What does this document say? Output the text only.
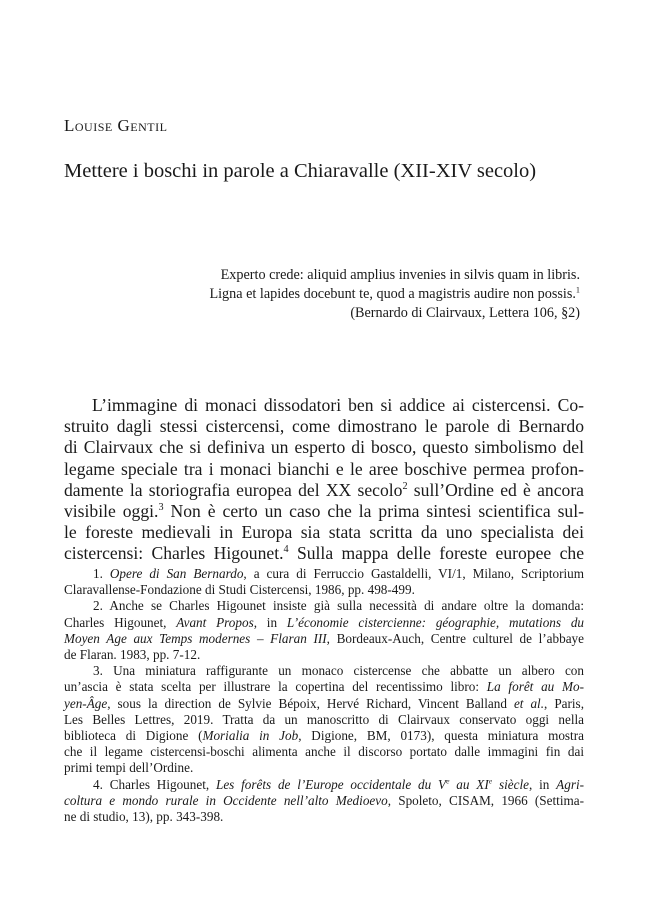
Louise Gentil
Mettere i boschi in parole a Chiaravalle (XII-XIV secolo)
Experto crede: aliquid amplius invenies in silvis quam in libris.
Ligna et lapides docebunt te, quod a magistris audire non possis.$^1$
(Bernardo di Clairvaux, Lettera 106, §2)
L’immagine di monaci dissodatori ben si addice ai cistercensi. Co-
struito dagli stessi cistercensi, come dimostrano le parole di Bernardo
di Clairvaux che si definiva un esperto di bosco, questo simbolismo del
legame speciale tra i monaci bianchi e le aree boschive permea profon-
damente la storiografia europea del XX secolo$^2$ sull’Ordine ed è ancora
visibile oggi.$^3$ Non è certo un caso che la prima sintesi scientifica sul-
le foreste medievali in Europa sia stata scritta da uno specialista dei
cistercensi: Charles Higounet.$^4$ Sulla mappa delle foreste europee che
1. Opere di San Bernardo, a cura di Ferruccio Gastaldelli, VI/1, Milano, Scriptorium
Claravallense-Fondazione di Studi Cistercensi, 1986, pp. 498-499.
2. Anche se Charles Higounet insiste già sulla necessità di andare oltre la domanda:
Charles Higounet, Avant Propos, in L’économie cistercienne: géographie, mutations du
Moyen Age aux Temps modernes – Flaran III, Bordeaux-Auch, Centre culturel de l’abbaye
de Flaran. 1983, pp. 7-12.
3. Una miniatura raffigurante un monaco cistercense che abbatte un albero con
un’ascia è stata scelta per illustrare la copertina del recentissimo libro: La forêt au Mo-
yen-Âge, sous la direction de Sylvie Bépoix, Hervé Richard, Vincent Balland et al., Paris,
Les Belles Lettres, 2019. Tratta da un manoscritto di Clairvaux conservato oggi nella
biblioteca di Digione (Morialia in Job, Digione, BM, 0173), questa miniatura mostra
che il legame cistercensi-boschi alimenta anche il discorso portato dalle immagini fin dai
primi tempi dell’Ordine.
4. Charles Higounet, Les forêts de l’Europe occidentale du Ve au XIe siècle, in Agri-
coltura e mondo rurale in Occidente nell’alto Medioevo, Spoleto, CISAM, 1966 (Settima-
ne di studio, 13), pp. 343-398.
